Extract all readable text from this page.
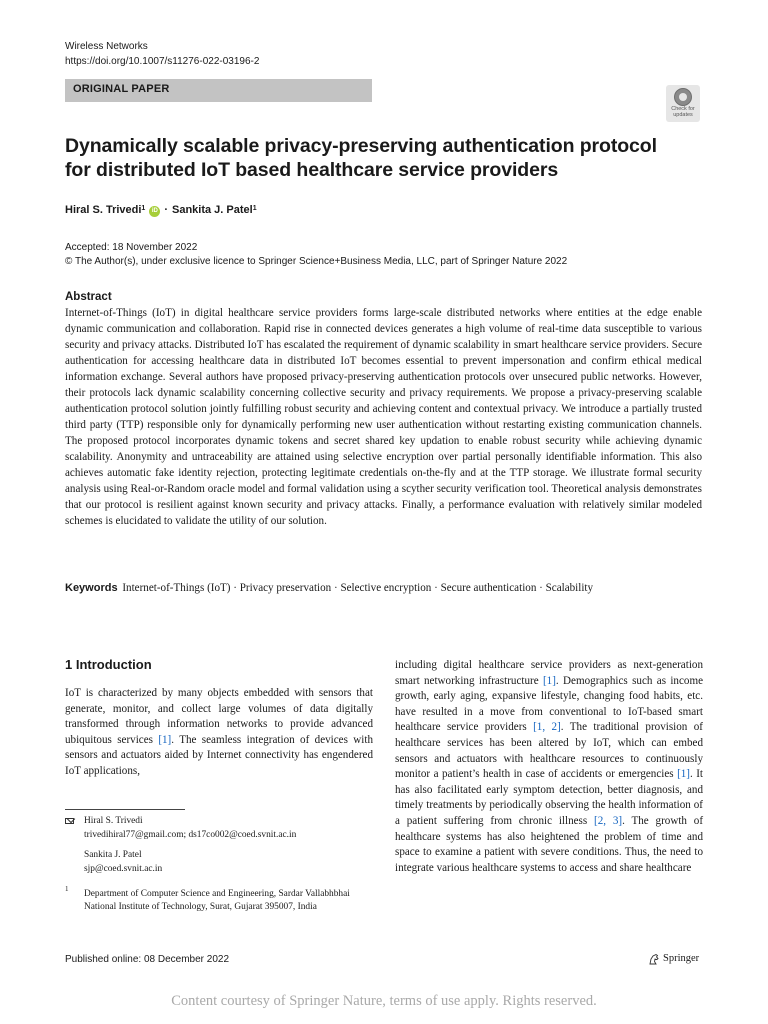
Wireless Networks
https://doi.org/10.1007/s11276-022-03196-2
ORIGINAL PAPER
Check for updates
Dynamically scalable privacy-preserving authentication protocol for distributed IoT based healthcare service providers
Hiral S. Trivedi$^1$	iD · Sankita J. Patel$^1$
Accepted: 18 November 2022
© The Author(s), under exclusive licence to Springer Science+Business Media, LLC, part of Springer Nature 2022
Abstract
Internet-of-Things (IoT) in digital healthcare service providers forms large-scale distributed networks where entities at the edge enable dynamic communication and collaboration. Rapid rise in connected devices generates a high volume of real-time data susceptible to various security and privacy attacks. Distributed IoT has escalated the requirement of dynamic scalability in smart healthcare service providers. Secure authentication for accessing healthcare data in distributed IoT becomes essential to prevent impersonation and confirm ethical medical information exchange. Several authors have proposed privacy-preserving authentication protocols over unsecured public networks. However, their protocols lack dynamic scalability concerning collective security and privacy requirements. We propose a privacy-preserving scalable authentication protocol solution jointly fulfilling robust security and achieving content and contextual privacy. We introduce a partially trusted third party (TTP) responsible only for dynamically performing new user authentication without restarting existing communication channels. The proposed protocol incorporates dynamic tokens and secret shared key updation to enable robust security while achieving dynamic scalability. Anonymity and untraceability are attained using selective encryption over partial personally identifiable information. This also achieves automatic fake identity rejection, protecting legitimate credentials on-the-fly and at the TTP storage. We illustrate formal security analysis using Real-or-Random oracle model and formal validation using a scyther security verification tool. Theoretical analysis demonstrates that our protocol is resilient against known security and privacy attacks. Finally, a performance evaluation with relatively similar modeled schemes is elucidated to validate the utility of our solution.
Keywords Internet-of-Things (IoT) · Privacy preservation · Selective encryption · Secure authentication · Scalability
1 Introduction
IoT is characterized by many objects embedded with sensors that generate, monitor, and collect large volumes of data digitally transformed through information networks to provide advanced ubiquitous services [1]. The seamless integration of devices with sensors and actuators aided by Internet connectivity has engendered IoT applications,
including digital healthcare service providers as next-generation smart networking infrastructure [1]. Demographics such as income growth, early aging, expansive lifestyle, changing food habits, etc. have resulted in a move from conventional to IoT-based smart healthcare service providers [1, 2]. The traditional provision of healthcare services has been altered by IoT, which can embed sensors and actuators with healthcare resources to continuously monitor a patient’s health in case of accidents or emergencies [1]. It has also facilitated early symptom detection, better diagnosis, and timely treatments by periodically observing the health information of a patient suffering from chronic illness [2, 3]. The growth of healthcare systems has also heightened the problem of time and space to examine a patient with severe conditions. Thus, the need to integrate various healthcare systems to access and share healthcare
Hiral S. Trivedi
trivedihiral77@gmail.com; ds17co002@coed.svnit.ac.in
Sankita J. Patel
sjp@coed.svnit.ac.in
1 Department of Computer Science and Engineering, Sardar Vallabhbhai National Institute of Technology, Surat, Gujarat 395007, India
Published online: 08 December 2022	Springer
Content courtesy of Springer Nature, terms of use apply. Rights reserved.
